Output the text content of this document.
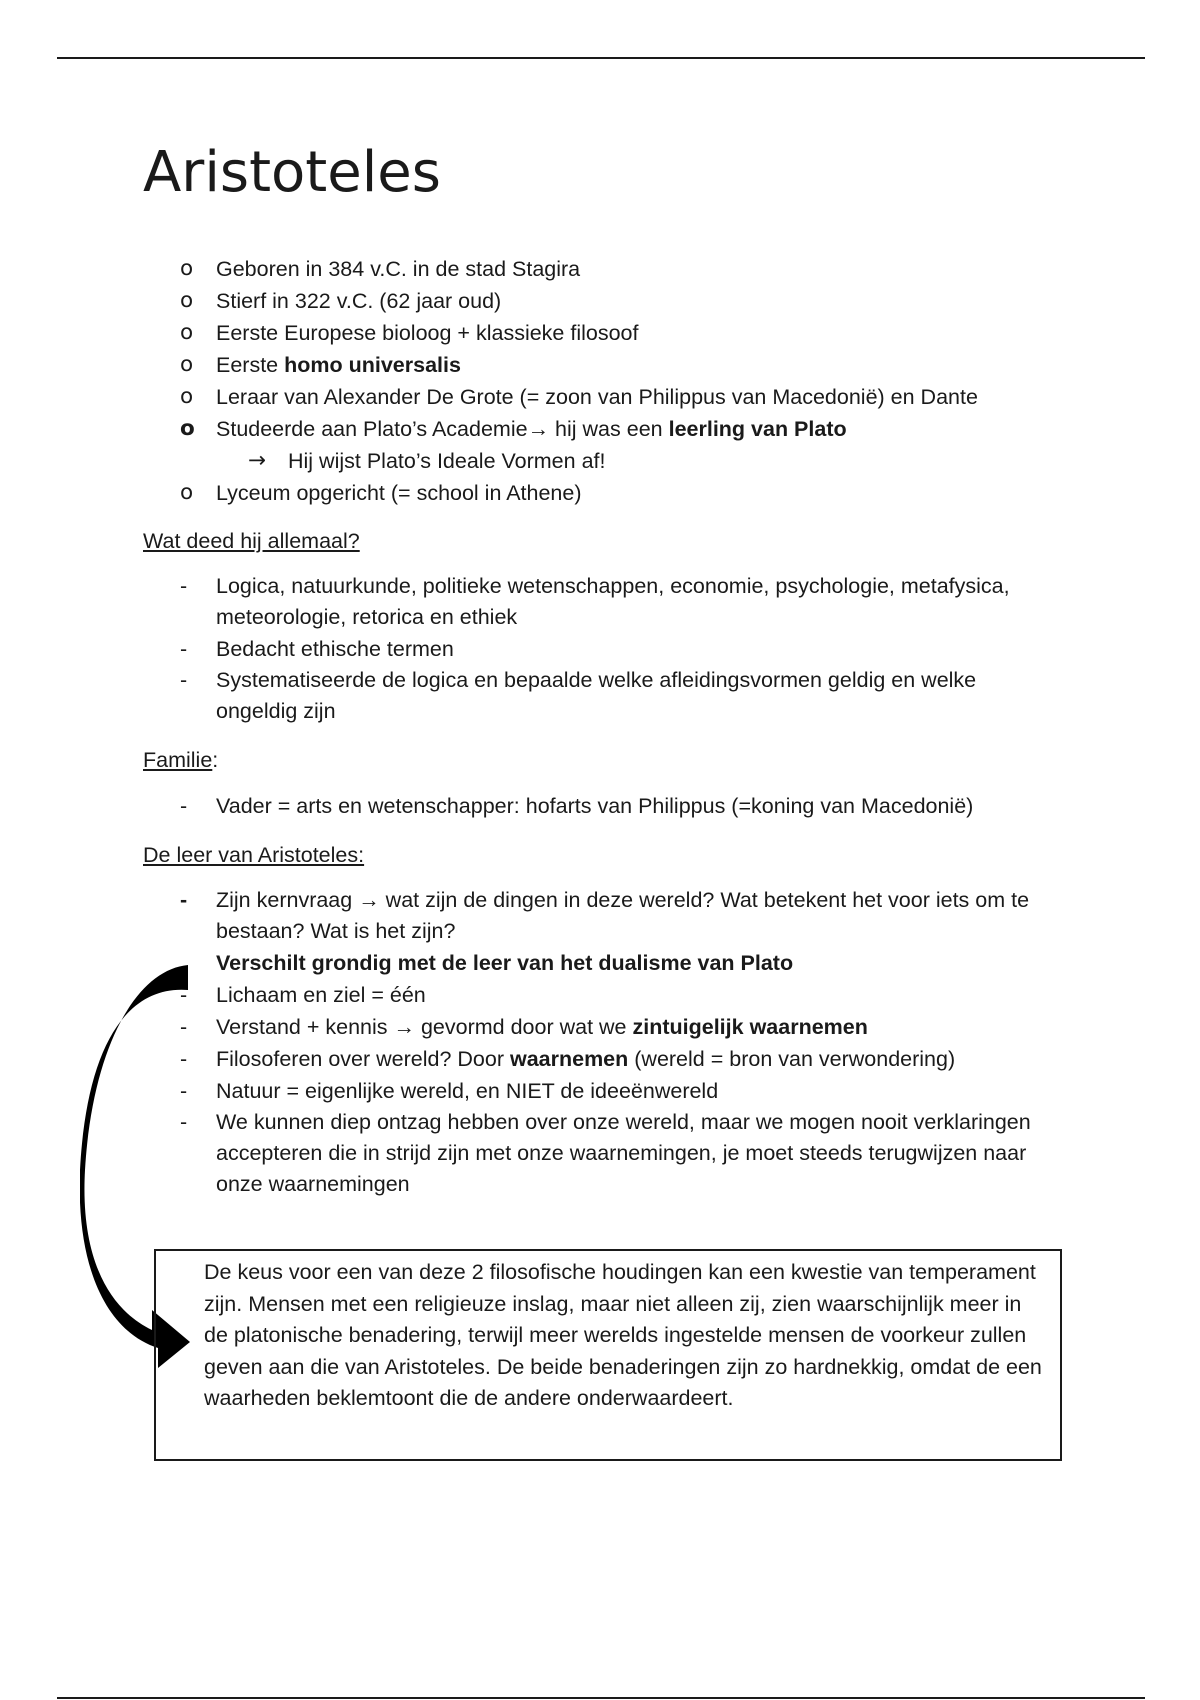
Aristoteles
o	Geboren in 384 v.C. in de stad Stagira
o	Stierf in 322 v.C. (62 jaar oud)
o	Eerste Europese bioloog + klassieke filosoof
o	Eerste homo universalis
o	Leraar van Alexander De Grote (= zoon van Philippus van Macedonië) en Dante
o Studeerde aan Plato’s Academie→ hij was een leerling van Plato
→ Hij wijst Plato’s Ideale Vormen af!
o	Lyceum opgericht (= school in Athene)
Wat deed hij allemaal?
-	Logica, natuurkunde, politieke wetenschappen, economie, psychologie, metafysica, meteorologie, retorica en ethiek
-	Bedacht ethische termen
-	Systematiseerde de logica en bepaalde welke afleidingsvormen geldig en welke ongeldig zijn
Familie:
-	Vader = arts en wetenschapper: hofarts van Philippus (=koning van Macedonië)
De leer van Aristoteles:
-	Zijn kernvraag → wat zijn de dingen in deze wereld? Wat betekent het voor iets om te bestaan? Wat is het zijn?
Verschilt grondig met de leer van het dualisme van Plato
-	Lichaam en ziel = één
-	Verstand + kennis → gevormd door wat we zintuigelijk waarnemen
-	Filosoferen over wereld? Door waarnemen (wereld = bron van verwondering)
-	Natuur = eigenlijke wereld, en NIET de ideeënwereld
-	We kunnen diep ontzag hebben over onze wereld, maar we mogen nooit verklaringen accepteren die in strijd zijn met onze waarnemingen, je moet steeds terugwijzen naar onze waarnemingen

De keus voor een van deze 2 filosofische houdingen kan een kwestie van temperament zijn. Mensen met een religieuze inslag, maar niet alleen zij, zien waarschijnlijk meer in de platonische benadering, terwijl meer werelds ingestelde mensen de voorkeur zullen geven aan die van Aristoteles. De beide benaderingen zijn zo hardnekkig, omdat de een waarheden beklemtoont die de andere onderwaardeert.
